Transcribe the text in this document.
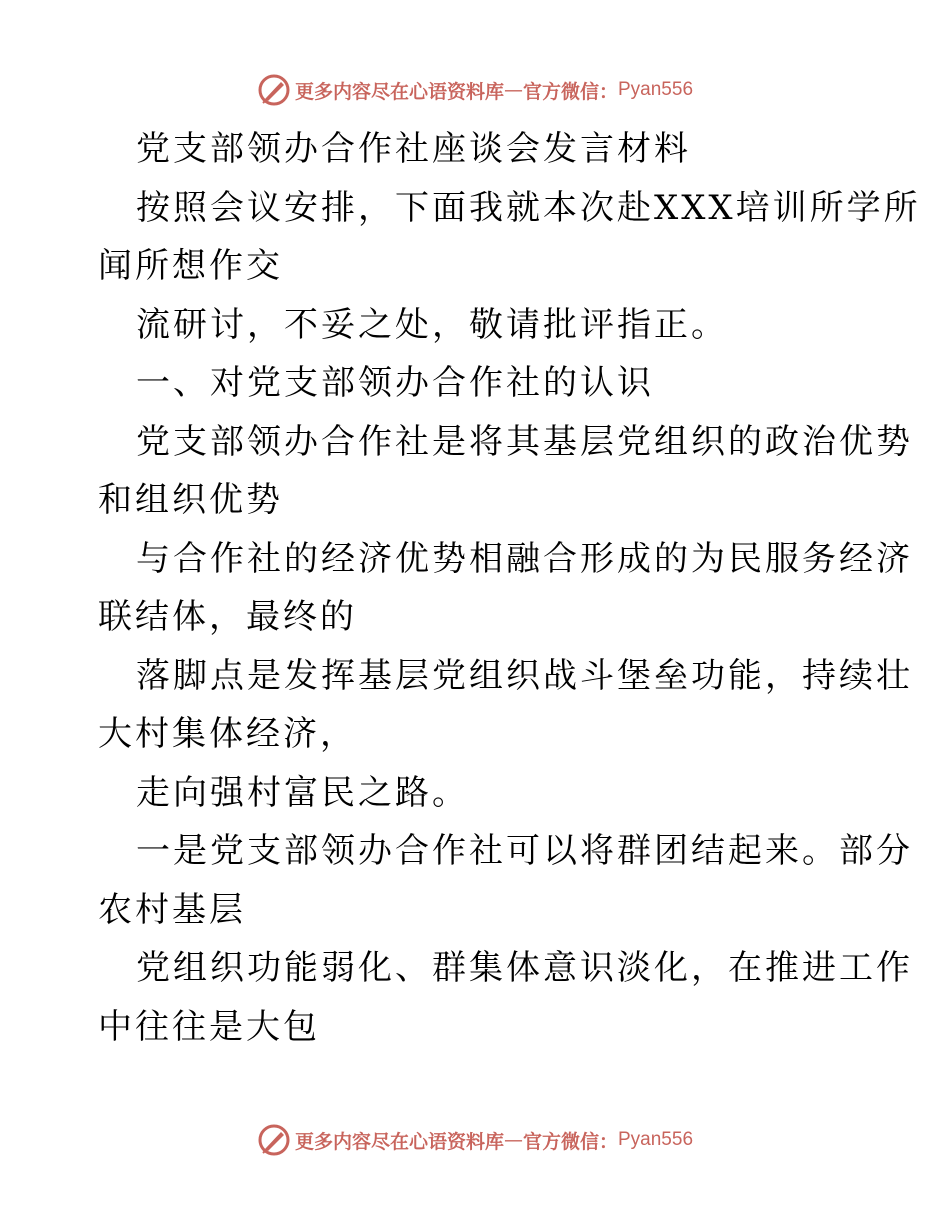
更多内容尽在心语资料库 — 官方微信： Pyan556
党支部领办合作社座谈会发言材料
按照会议安排，下面我就本次赴XXX培训所学所
闻所想作交
流研讨，不妥之处，敬请批评指正。
一、对党支部领办合作社的认识
党支部领办合作社是将其基层党组织的政治优势
和组织优势
与合作社的经济优势相融合形成的为民服务经济
联结体，最终的
落脚点是发挥基层党组织战斗堡垒功能，持续壮
大村集体经济，
走向强村富民之路。
一是党支部领办合作社可以将群团结起来。部分
农村基层
党组织功能弱化、群集体意识淡化，在推进工作
中往往是大包
更多内容尽在心语资料库 — 官方微信： Pyan556
